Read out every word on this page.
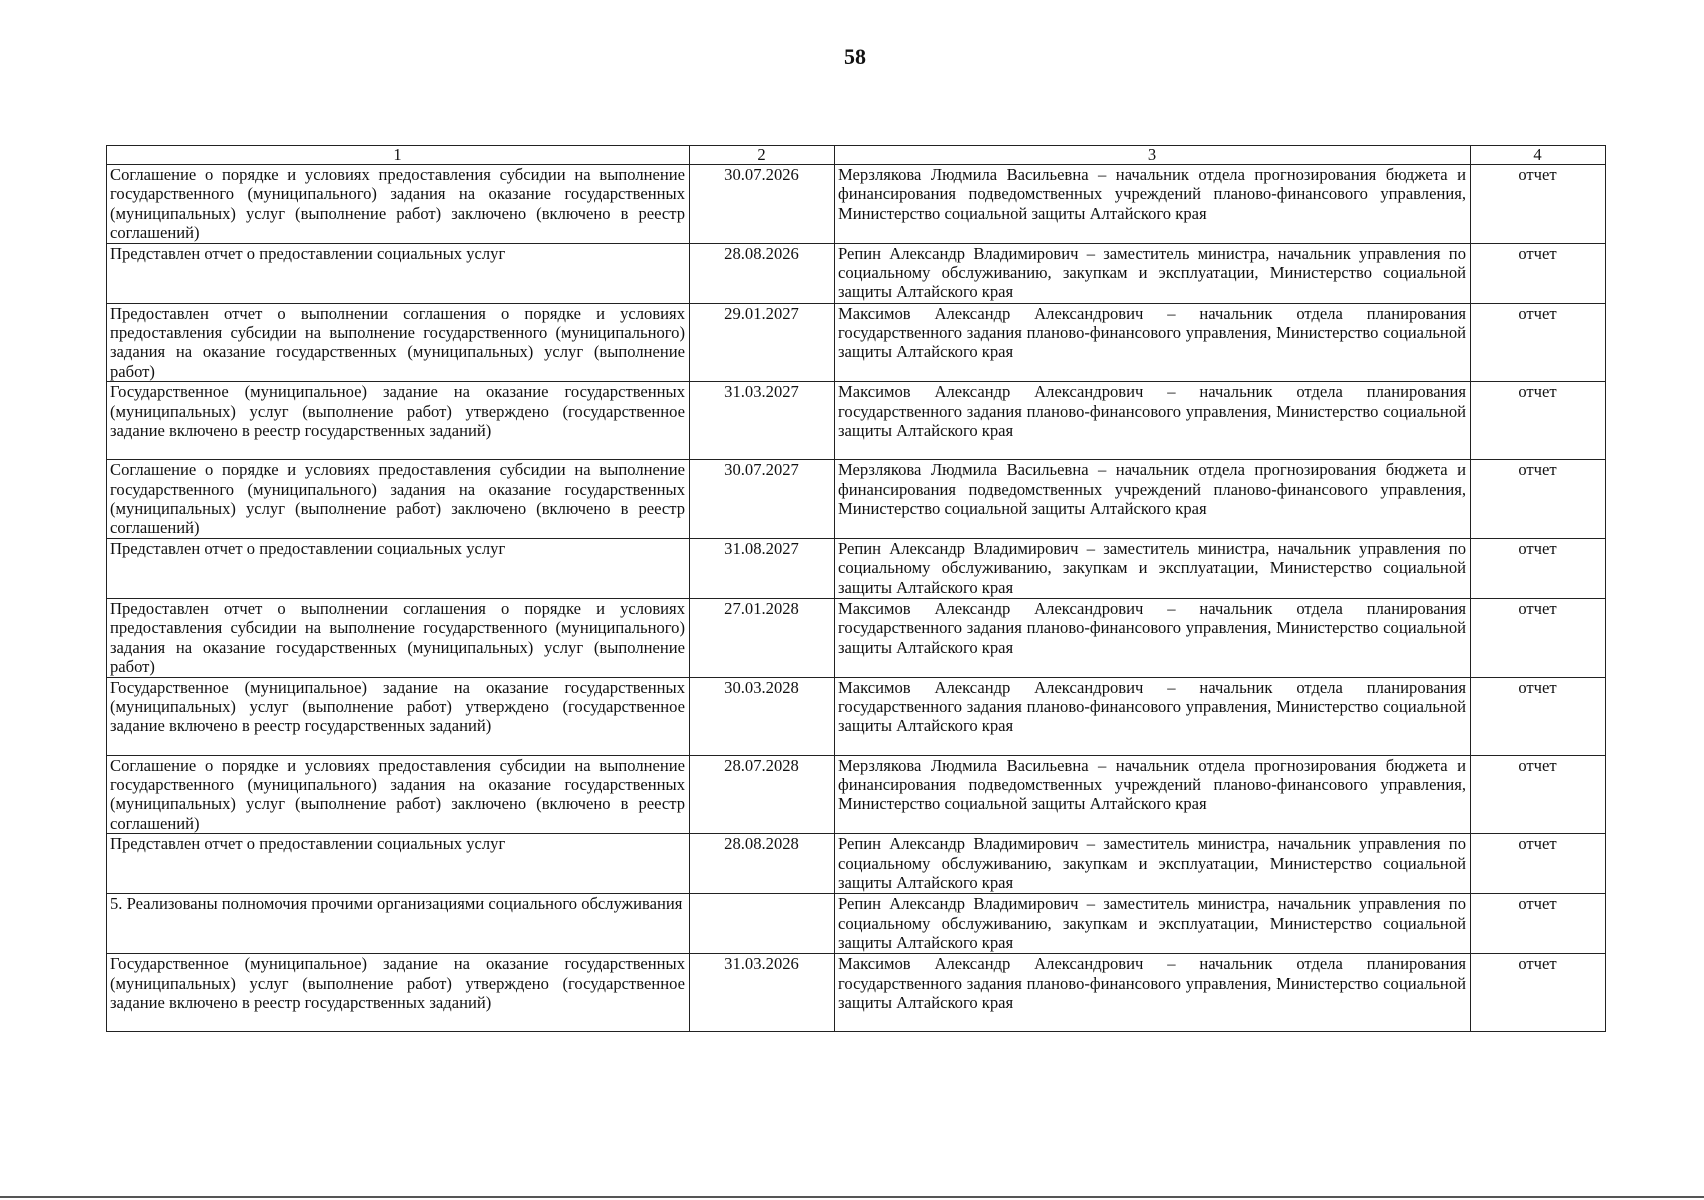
58
1	2	3	4
Соглашение о порядке и условиях предоставления субсидии на выполнение государственного (муниципального) задания на оказание государственных (муниципальных) услуг (выполнение работ) заключено (включено в реестр соглашений)	30.07.2026	Мерзлякова Людмила Васильевна – начальник отдела прогнозирования бюджета и финансирования подведомственных учреждений планово-финансового управления, Министерство социальной защиты Алтайского края	отчет
Представлен отчет о предоставлении социальных услуг	28.08.2026	Репин Александр Владимирович – заместитель министра, начальник управления по социальному обслуживанию, закупкам и эксплуатации, Министерство социальной защиты Алтайского края	отчет
Предоставлен отчет о выполнении соглашения о порядке и условиях предоставления субсидии на выполнение государственного (муниципального) задания на оказание государственных (муниципальных) услуг (выполнение работ)	29.01.2027	Максимов Александр Александрович – начальник отдела планирования государственного задания планово-финансового управления, Министерство социальной защиты Алтайского края	отчет
Государственное (муниципальное) задание на оказание государственных (муниципальных) услуг (выполнение работ) утверждено (государственное задание включено в реестр государственных заданий)	31.03.2027	Максимов Александр Александрович – начальник отдела планирования государственного задания планово-финансового управления, Министерство социальной защиты Алтайского края	отчет
Соглашение о порядке и условиях предоставления субсидии на выполнение государственного (муниципального) задания на оказание государственных (муниципальных) услуг (выполнение работ) заключено (включено в реестр соглашений)	30.07.2027	Мерзлякова Людмила Васильевна – начальник отдела прогнозирования бюджета и финансирования подведомственных учреждений планово-финансового управления, Министерство социальной защиты Алтайского края	отчет
Представлен отчет о предоставлении социальных услуг	31.08.2027	Репин Александр Владимирович – заместитель министра, начальник управления по социальному обслуживанию, закупкам и эксплуатации, Министерство социальной защиты Алтайского края	отчет
Предоставлен отчет о выполнении соглашения о порядке и условиях предоставления субсидии на выполнение государственного (муниципального) задания на оказание государственных (муниципальных) услуг (выполнение работ)	27.01.2028	Максимов Александр Александрович – начальник отдела планирования государственного задания планово-финансового управления, Министерство социальной защиты Алтайского края	отчет
Государственное (муниципальное) задание на оказание государственных (муниципальных) услуг (выполнение работ) утверждено (государственное задание включено в реестр государственных заданий)	30.03.2028	Максимов Александр Александрович – начальник отдела планирования государственного задания планово-финансового управления, Министерство социальной защиты Алтайского края	отчет
Соглашение о порядке и условиях предоставления субсидии на выполнение государственного (муниципального) задания на оказание государственных (муниципальных) услуг (выполнение работ) заключено (включено в реестр соглашений)	28.07.2028	Мерзлякова Людмила Васильевна – начальник отдела прогнозирования бюджета и финансирования подведомственных учреждений планово-финансового управления, Министерство социальной защиты Алтайского края	отчет
Представлен отчет о предоставлении социальных услуг	28.08.2028	Репин Александр Владимирович – заместитель министра, начальник управления по социальному обслуживанию, закупкам и эксплуатации, Министерство социальной защиты Алтайского края	отчет
5. Реализованы полномочия прочими организациями социального обслуживания		Репин Александр Владимирович – заместитель министра, начальник управления по социальному обслуживанию, закупкам и эксплуатации, Министерство социальной защиты Алтайского края	отчет
Государственное (муниципальное) задание на оказание государственных (муниципальных) услуг (выполнение работ) утверждено (государственное задание включено в реестр государственных заданий)	31.03.2026	Максимов Александр Александрович – начальник отдела планирования государственного задания планово-финансового управления, Министерство социальной защиты Алтайского края	отчет
